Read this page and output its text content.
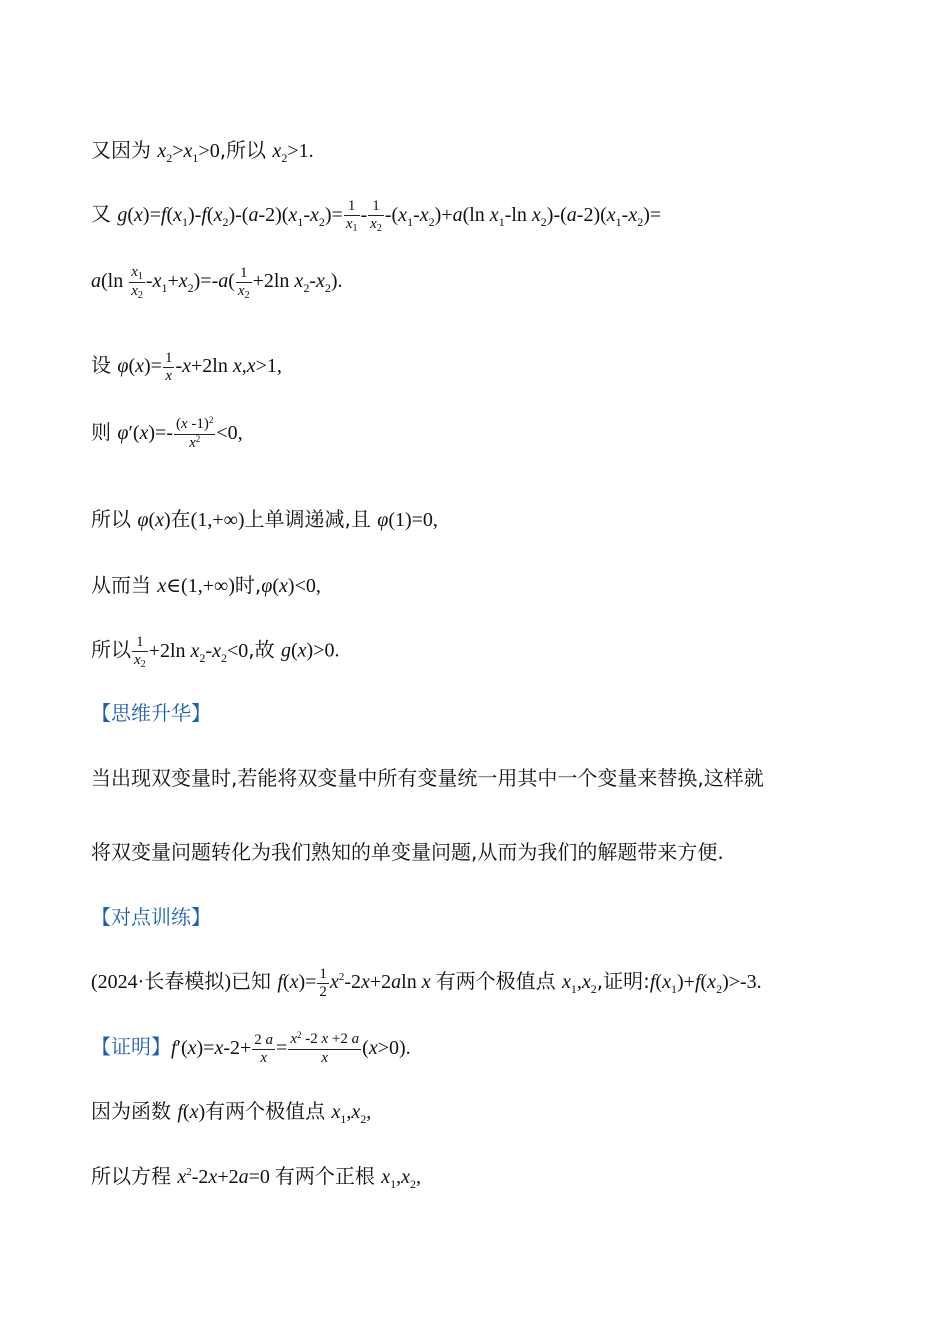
又因为 $x_2>x_1>0$,所以 $x_2>1$.
又 $g(x)=f(x_1)-f(x_2)-(a-2)(x_1-x_2)= \frac{1}{x_1} - \frac{1}{x_2} -(x_1-x_2)+a(\ln$ $x_1-\ln$ $x_2)-(a-2)(x_1-x_2)=$
$a(\ln \frac{x_1}{x_2} -x_1+x_2)=-a( \frac{1}{x_2} +2\ln$ $x_2-x_2$).
设 $\varphi(x)= \frac{1}{x} -x+2\ln$ x,x>1,
则 $\varphi'(x)=- \frac{(x -1)^2}{x^2} <0$,
所以 φ(x)在(1,+∞)上单调递减,且 φ(1)=0,
从而当 x∈(1,+∞)时,φ(x)<0,
所以 $\frac{1}{x_2} +2\ln$ $x_2-x_2<0$,故 g(x)>0.
【思维升华】
当出现双变量时,若能将双变量中所有变量统一用其中一个变量来替换,这样就
将双变量问题转化为我们熟知的单变量问题,从而为我们的解题带来方便.
【对点训练】
(2024·长春模拟)已知 $f(x)= \frac{1}{2} x^2-2x+2aln$ x 有两个极值点 $x_1,x_2$,证明$:f(x_1)+f(x_2)>-3$.
【证明】$f'(x)=x-2+ \frac{2 a}{x} = \frac{x^2 -2 x +2 a}{x} (x>0)$.
因为函数 f(x)有两个极值点 $x_1,x_2$,
所以方程 $x^2-2x+2a=0$ 有两个正根 $x_1,x_2$,
